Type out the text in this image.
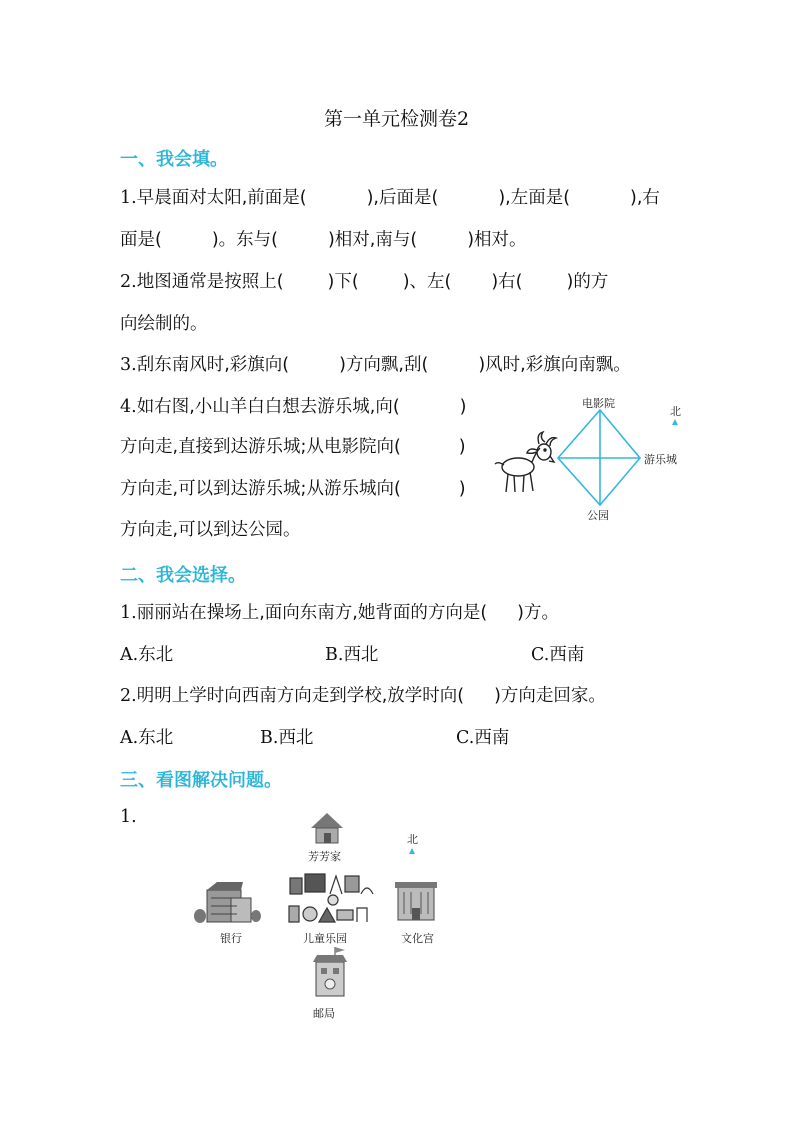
第一单元检测卷2
一、我会填。
1.早晨面对太阳,前面是(	),后面是(	),左面是(	),右
面是(	)。东与(	)相对,南与(	)相对。
2.地图通常是按照上(	)下(	)、左( )右(	)的方
向绘制的。
3.刮东南风时,彩旗向(	)方向飘,刮(	)风时,彩旗向南飘。
4.如右图,小山羊白白想去游乐城,向(	)
方向走,直接到达游乐城;从电影院向(	)
方向走,可以到达游乐城;从游乐城向(	)
方向走,可以到达公园。
电影院
游乐城
公园
北
二、我会选择。
1.丽丽站在操场上,面向东南方,她背面的方向是( )方。
A.东北	B.西北	C.西南
2.明明上学时向西南方向走到学校,放学时向( )方向走回家。
A.东北	B.西北	C.西南
三、看图解决问题。
1.
芳芳家
北
银行	儿童乐园	文化宫
邮局
